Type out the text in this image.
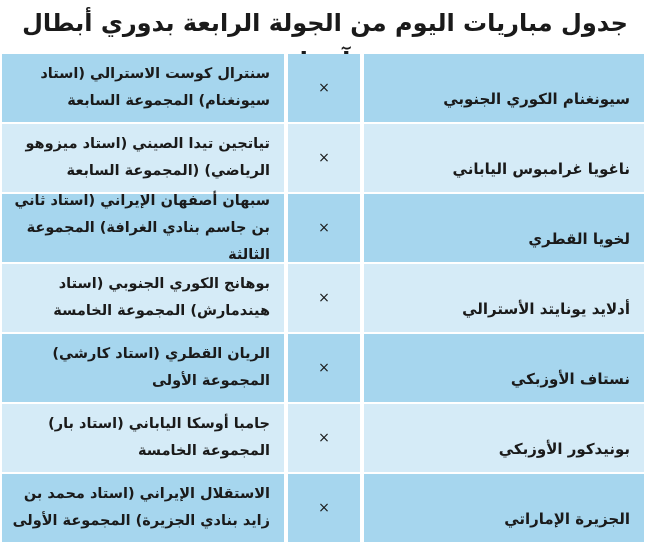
جدول مباريات اليوم من الجولة الرابعة بدوري أبطال
سيونغنام الكوري الجنوبي
×
سنترال كوست الاسترالي (استاد سيونغنام) المجموعة السابعة
ناغويا غرامبوس الياباني
×
تياتجين تيدا الصيني (استاد ميزوهو الرياضي) (المجموعة السابعة
لخويا القطري
×
سبهان أصفهان الإيراني (استاد ثاني بن جاسم بنادي الغرافة) المجموعة الثالثة
أدلايد يونايتد الأسترالي
×
بوهانج الكوري الجنوبي (استاد هيندمارش) المجموعة الخامسة
نستاف الأوزبكي
×
الريان القطري (استاد كارشي) المجموعة الأولى
بونيدكور الأوزبكي
×
جامبا أوسكا الياباني (استاد بار) المجموعة الخامسة
الجزيرة الإماراتي
×
الاستقلال الإيراني (استاد محمد بن زايد بنادي الجزيرة) المجموعة الأولى
